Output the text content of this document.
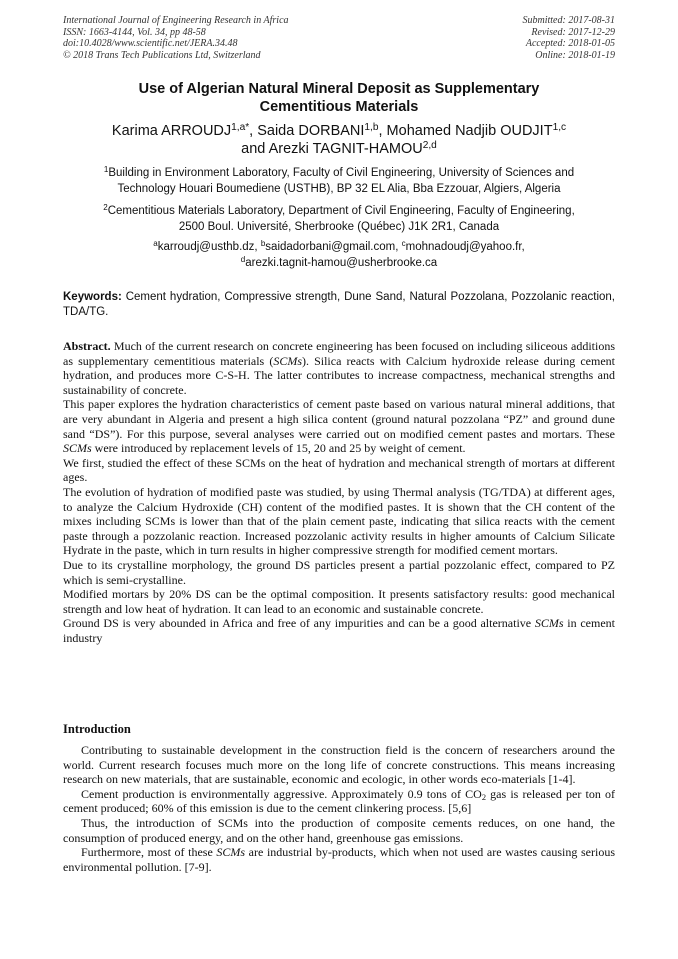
International Journal of Engineering Research in Africa
ISSN: 1663-4144, Vol. 34, pp 48-58
doi:10.4028/www.scientific.net/JERA.34.48
© 2018 Trans Tech Publications Ltd, Switzerland
Submitted: 2017-08-31
Revised: 2017-12-29
Accepted: 2018-01-05
Online: 2018-01-19
Use of Algerian Natural Mineral Deposit as Supplementary
Cementitious Materials
Karima $ARROUDJ^{1,a*}$, Saida DORBANI$^{1,b}$, Mohamed Nadjib OUDJIT$^{1,c}$
and Arezki TAGNIT-HAMOU$^{2,d}$
$^1$Building in Environment Laboratory, Faculty of Civil Engineering, University of Sciences and
Technology Houari Boumediene (USTHB), BP 32 EL Alia, Bba Ezzouar, Algiers, Algeria
$^2$Cementitious Materials Laboratory, Department of Civil Engineering, Faculty of Engineering,
2500 Boul. Université, Sherbrooke (Québec) J1K 2R1, Canada
$^a$karroudj@usthb.dz, $^b$saidadorbani@gmail.com, $^c$mohnadoudj@yahoo.fr,
$^d$arezki.tagnit-hamou@usherbrooke.ca
Keywords: Cement hydration, Compressive strength, Dune Sand, Natural Pozzolana, Pozzolanic reaction, TDA/TG.

Abstract. Much of the current research on concrete engineering has been focused on including siliceous additions as supplementary cementitious materials (SCMs). Silica reacts with Calcium hydroxide release during cement hydration, and produces more C-S-H. The latter contributes to increase compactness, mechanical strengths and sustainability of concrete.

This paper explores the hydration characteristics of cement paste based on various natural mineral additions, that are very abundant in Algeria and present a high silica content (ground natural pozzolana “PZ” and ground dune sand “DS”). For this purpose, several analyses were carried out on modified cement pastes and mortars. These SCMs were introduced by replacement levels of 15, 20 and 25 by weight of cement.

We first, studied the effect of these SCMs on the heat of hydration and mechanical strength of mortars at different ages.

The evolution of hydration of modified paste was studied, by using Thermal analysis (TG/TDA) at different ages, to analyze the Calcium Hydroxide (CH) content of the modified pastes. It is shown that the CH content of the mixes including SCMs is lower than that of the plain cement paste, indicating that silica reacts with the cement paste through a pozzolanic reaction. Increased pozzolanic activity results in higher amounts of Calcium Silicate Hydrate in the paste, which in turn results in higher compressive strength for modified cement mortars.

Due to its crystalline morphology, the ground DS particles present a partial pozzolanic effect, compared to PZ which is semi-crystalline.

Modified mortars by 20% DS can be the optimal composition. It presents satisfactory results: good mechanical strength and low heat of hydration. It can lead to an economic and sustainable concrete.

Ground DS is very abounded in Africa and free of any impurities and can be a good alternative SCMs in cement industry

Introduction

Contributing to sustainable development in the construction field is the concern of researchers around the world. Current research focuses much more on the long life of concrete constructions. This means increasing research on new materials, that are sustainable, economic and ecologic, in other words eco-materials [1-4].

Cement production is environmentally aggressive. Approximately 0.9 tons of $CO_2$ gas is released per ton of cement produced; 60% of this emission is due to the cement clinkering process. [5,6]

Thus, the introduction of SCMs into the production of composite cements reduces, on one hand, the consumption of produced energy, and on the other hand, greenhouse gas emissions.

Furthermore, most of these SCMs are industrial by-products, which when not used are wastes causing serious environmental pollution. [7-9].
